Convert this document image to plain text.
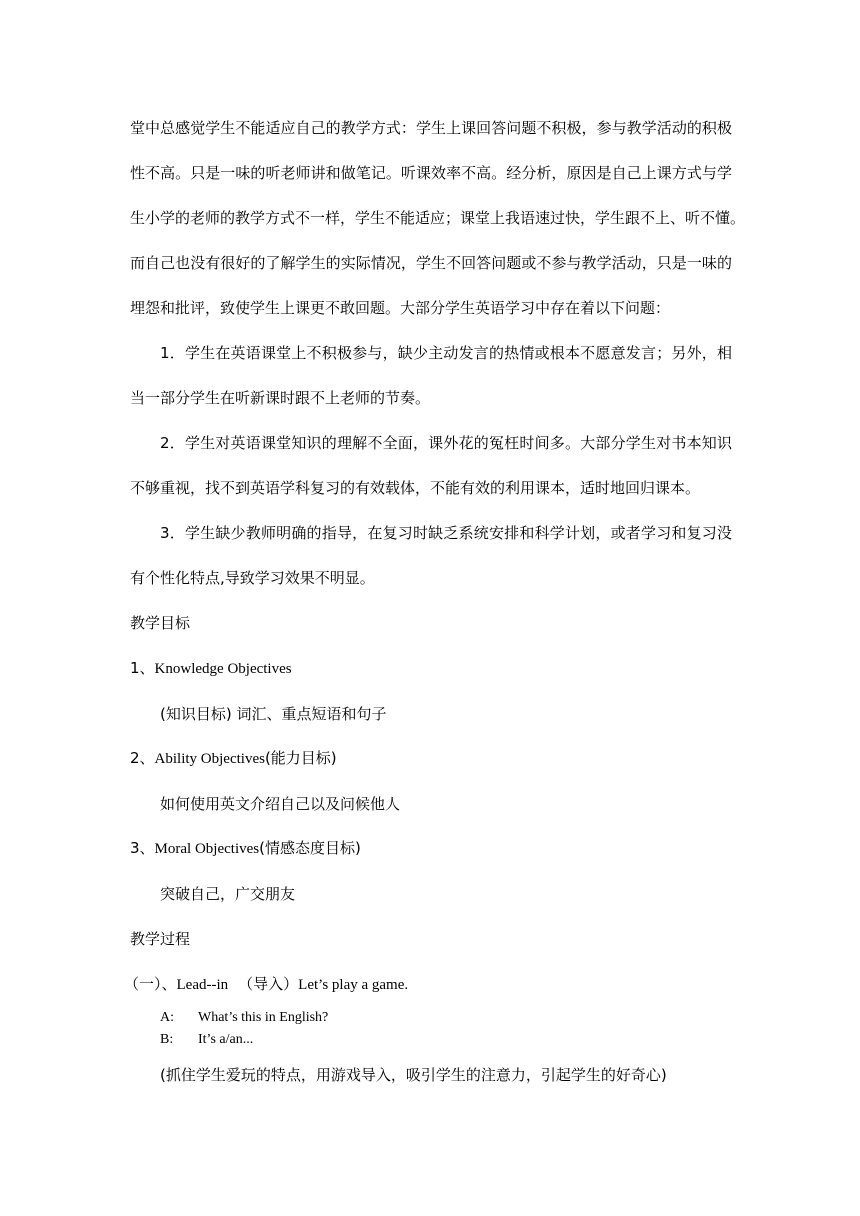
堂中总感觉学生不能适应自己的教学方式：学生上课回答问题不积极，参与教学活动的积极
性不高。只是一味的听老师讲和做笔记。听课效率不高。经分析，原因是自己上课方式与学
生小学的老师的教学方式不一样，学生不能适应；课堂上我语速过快，学生跟不上、听不懂。
而自己也没有很好的了解学生的实际情况，学生不回答问题或不参与教学活动，只是一味的
埋怨和批评，致使学生上课更不敢回题。大部分学生英语学习中存在着以下问题：
1．学生在英语课堂上不积极参与，缺少主动发言的热情或根本不愿意发言；另外，相
当一部分学生在听新课时跟不上老师的节奏。
2．学生对英语课堂知识的理解不全面，课外花的冤枉时间多。大部分学生对书本知识
不够重视，找不到英语学科复习的有效载体，不能有效的利用课本，适时地回归课本。
3．学生缺少教师明确的指导，在复习时缺乏系统安排和科学计划，或者学习和复习没
有个性化特点,导致学习效果不明显。
教学目标
1、Knowledge Objectives
(知识目标) 词汇、重点短语和句子
2、Ability Objectives(能力目标)
如何使用英文介绍自己以及问候他人
3、Moral Objectives(情感态度目标)
突破自己，广交朋友
教学过程
（一）、Lead--in （导入）Let’s play a game.
A: What’s this in English?
B: It’s a/an...
(抓住学生爱玩的特点，用游戏导入，吸引学生的注意力，引起学生的好奇心)
